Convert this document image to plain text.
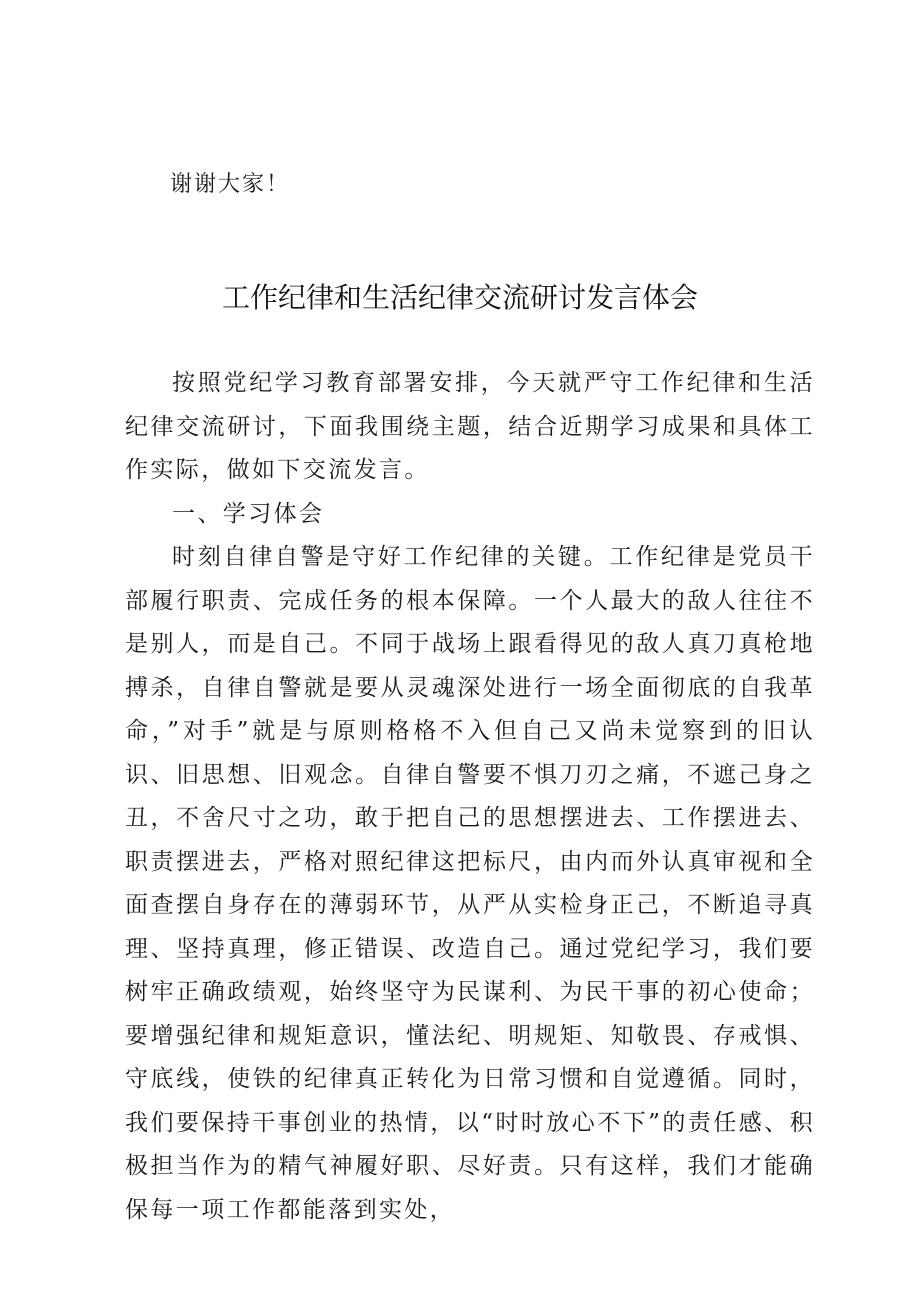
谢谢大家！
工作纪律和生活纪律交流研讨发言体会

按照党纪学习教育部署安排，今天就严守工作纪律和生活纪律交流研讨，下面我围绕主题，结合近期学习成果和具体工作实际，做如下交流发言。

一、学习体会

时刻自律自警是守好工作纪律的关键。工作纪律是党员干部履行职责、完成任务的根本保障。一个人最大的敌人往往不是别人，而是自己。不同于战场上跟看得见的敌人真刀真枪地搏杀，自律自警就是要从灵魂深处进行一场全面彻底的自我革命，”对手”就是与原则格格不入但自己又尚未觉察到的旧认识、旧思想、旧观念。自律自警要不惧刀刃之痛，不遮己身之丑，不舍尺寸之功，敢于把自己的思想摆进去、工作摆进去、职责摆进去，严格对照纪律这把标尺，由内而外认真审视和全面查摆自身存在的薄弱环节，从严从实检身正己，不断追寻真理、坚持真理，修正错误、改造自己。通过党纪学习，我们要树牢正确政绩观，始终坚守为民谋利、为民干事的初心使命；要增强纪律和规矩意识，懂法纪、明规矩、知敬畏、存戒惧、守底线，使铁的纪律真正转化为日常习惯和自觉遵循。同时，我们要保持干事创业的热情，以“时时放心不下”的责任感、积极担当作为的精气神履好职、尽好责。只有这样，我们才能确保每一项工作都能落到实处，
